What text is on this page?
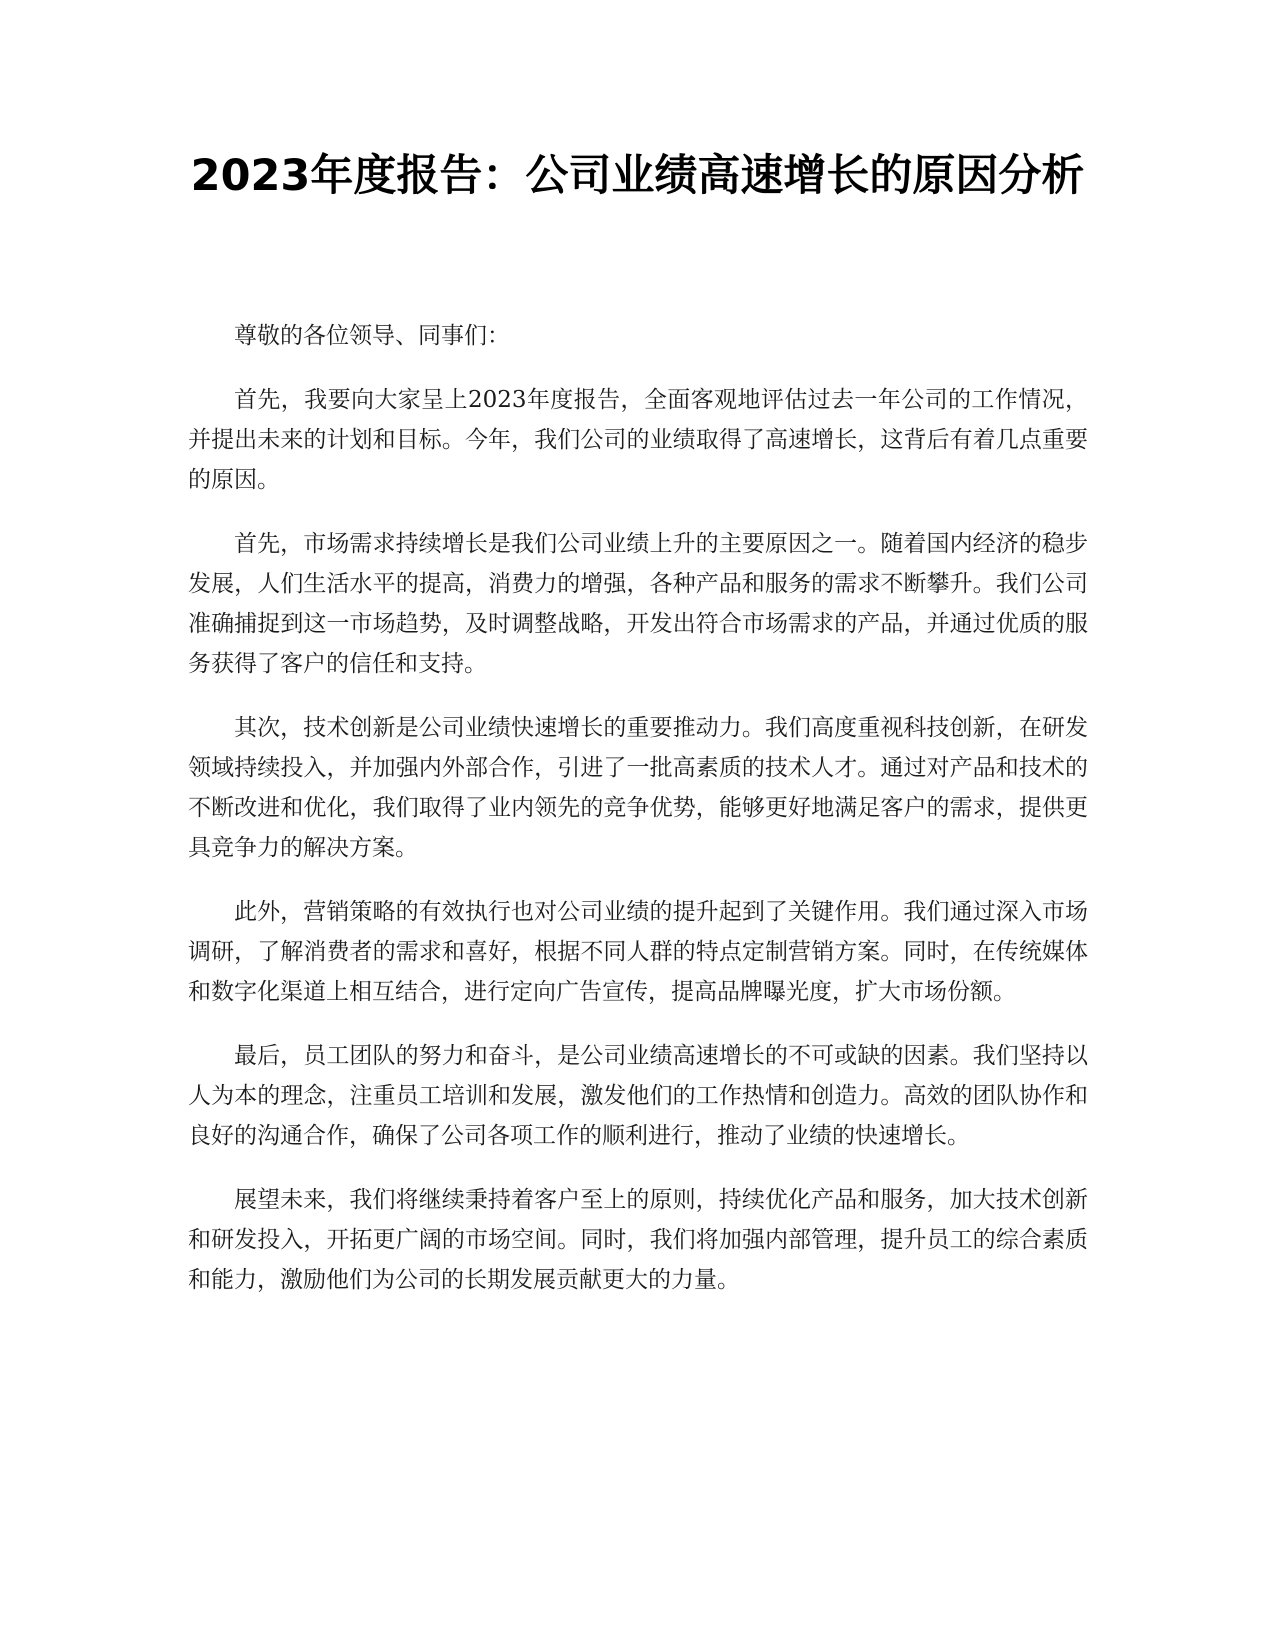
2023年度报告：公司业绩高速增长的原因分析

尊敬的各位领导、同事们：

首先，我要向大家呈上2023年度报告，全面客观地评估过去一年公司的工作情况，并提出未来的计划和目标。今年，我们公司的业绩取得了高速增长，这背后有着几点重要的原因。

首先，市场需求持续增长是我们公司业绩上升的主要原因之一。随着国内经济的稳步发展，人们生活水平的提高，消费力的增强，各种产品和服务的需求不断攀升。我们公司准确捕捉到这一市场趋势，及时调整战略，开发出符合市场需求的产品，并通过优质的服务获得了客户的信任和支持。

其次，技术创新是公司业绩快速增长的重要推动力。我们高度重视科技创新，在研发领域持续投入，并加强内外部合作，引进了一批高素质的技术人才。通过对产品和技术的不断改进和优化，我们取得了业内领先的竞争优势，能够更好地满足客户的需求，提供更具竞争力的解决方案。

此外，营销策略的有效执行也对公司业绩的提升起到了关键作用。我们通过深入市场调研，了解消费者的需求和喜好，根据不同人群的特点定制营销方案。同时，在传统媒体和数字化渠道上相互结合，进行定向广告宣传，提高品牌曝光度，扩大市场份额。

最后，员工团队的努力和奋斗，是公司业绩高速增长的不可或缺的因素。我们坚持以人为本的理念，注重员工培训和发展，激发他们的工作热情和创造力。高效的团队协作和良好的沟通合作，确保了公司各项工作的顺利进行，推动了业绩的快速增长。

展望未来，我们将继续秉持着客户至上的原则，持续优化产品和服务，加大技术创新和研发投入，开拓更广阔的市场空间。同时，我们将加强内部管理，提升员工的综合素质和能力，激励他们为公司的长期发展贡献更大的力量。
